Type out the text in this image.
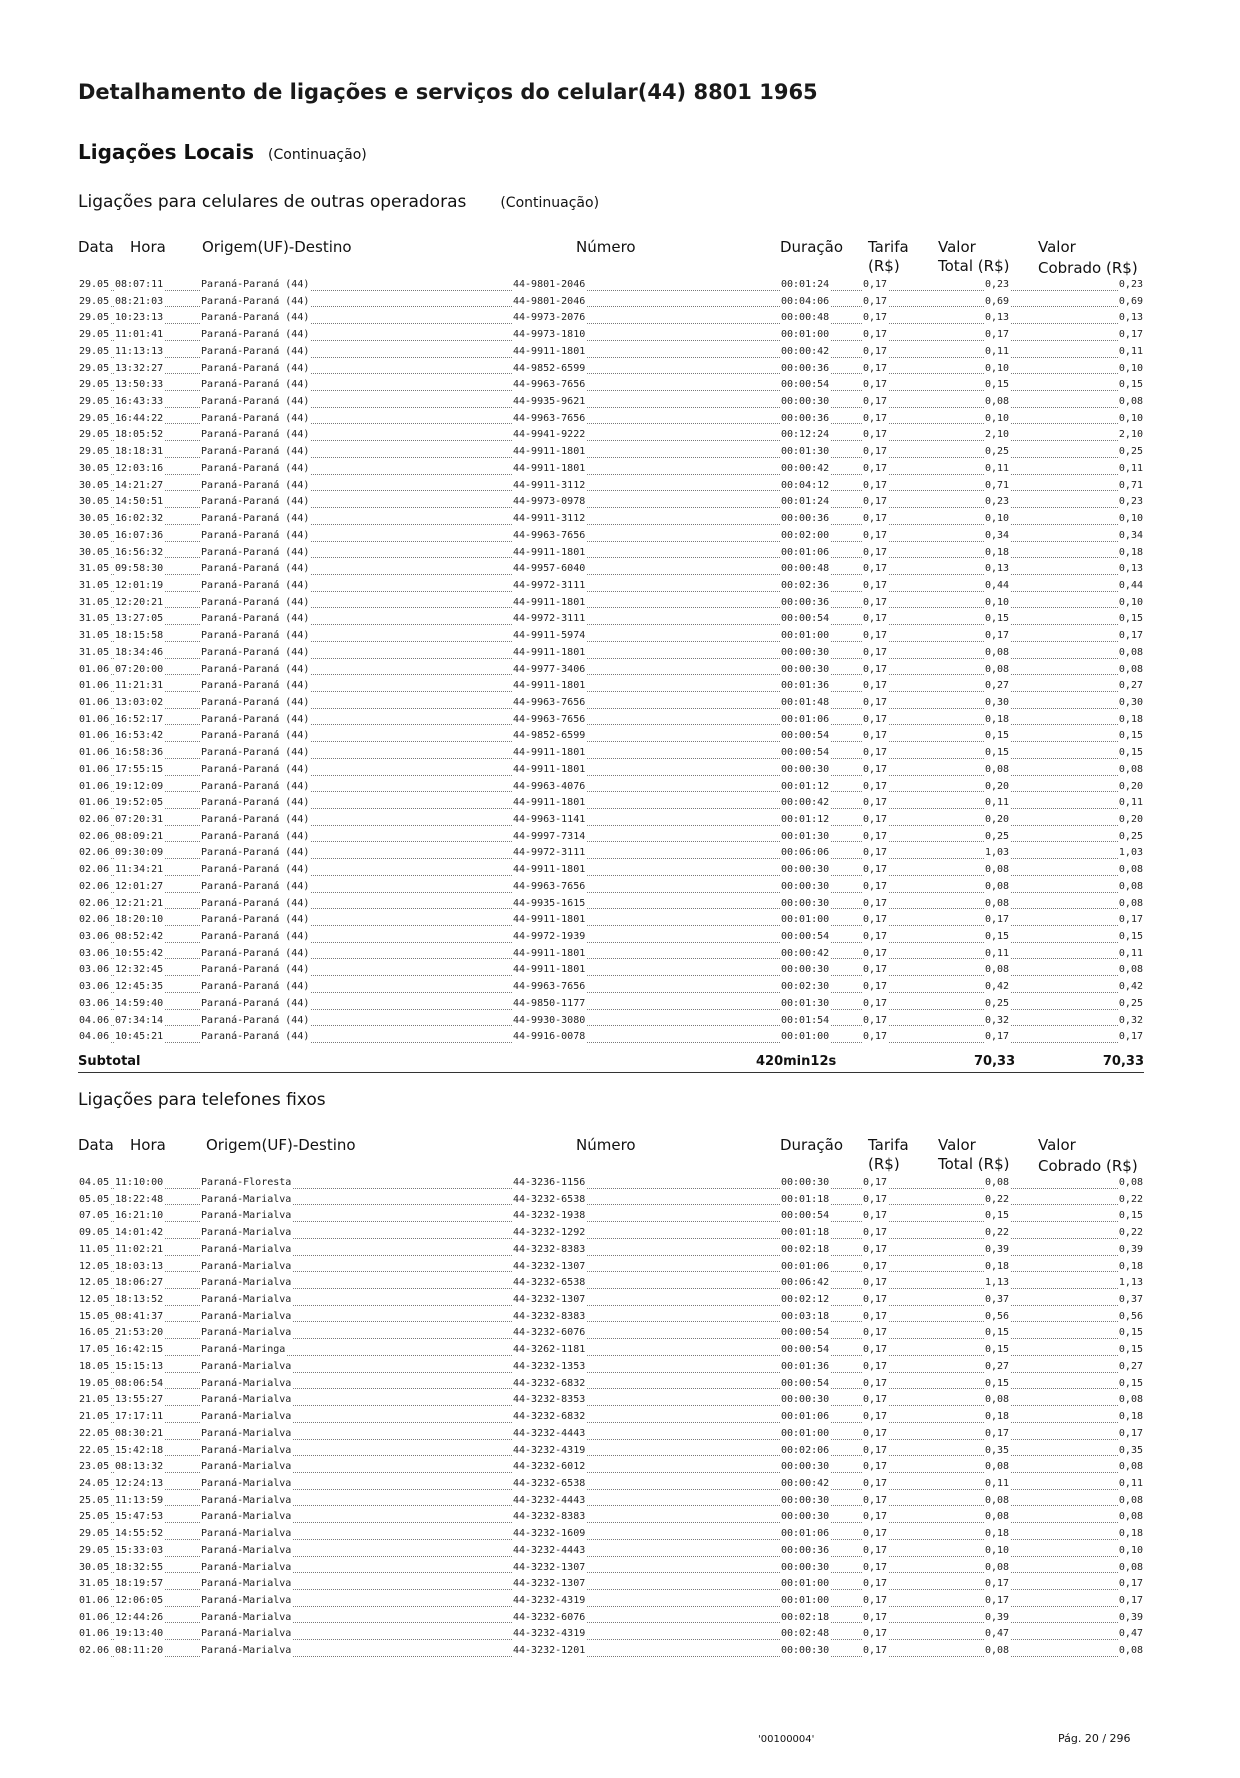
Detalhamento de ligações e serviços do celular(44) 8801 1965
Ligações Locais (Continuação)
Ligações para celulares de outras operadoras (Continuação)
Data Hora Origem(UF)-Destino	Número	Duração Tarifa
(R$)
Valor
Total (R$)
Valor
Cobrado (R$)
29.05 08:07:11	Paraná-Paraná (44)	44-9801-2046	00:01:24	0,17	0,23	0,23
29.05 08:21:03	Paraná-Paraná (44)	44-9801-2046	00:04:06	0,17	0,69	0,69
29.05 10:23:13	Paraná-Paraná (44)	44-9973-2076	00:00:48	0,17	0,13	0,13
29.05 11:01:41	Paraná-Paraná (44)	44-9973-1810	00:01:00	0,17	0,17	0,17
29.05 11:13:13	Paraná-Paraná (44)	44-9911-1801	00:00:42	0,17	0,11	0,11
29.05 13:32:27	Paraná-Paraná (44)	44-9852-6599	00:00:36	0,17	0,10	0,10
29.05 13:50:33	Paraná-Paraná (44)	44-9963-7656	00:00:54	0,17	0,15	0,15
29.05 16:43:33	Paraná-Paraná (44)	44-9935-9621	00:00:30	0,17	0,08	0,08
29.05 16:44:22	Paraná-Paraná (44)	44-9963-7656	00:00:36	0,17	0,10	0,10
29.05 18:05:52	Paraná-Paraná (44)	44-9941-9222	00:12:24	0,17	2,10	2,10
29.05 18:18:31	Paraná-Paraná (44)	44-9911-1801	00:01:30	0,17	0,25	0,25
30.05 12:03:16	Paraná-Paraná (44)	44-9911-1801	00:00:42	0,17	0,11	0,11
30.05 14:21:27	Paraná-Paraná (44)	44-9911-3112	00:04:12	0,17	0,71	0,71
30.05 14:50:51	Paraná-Paraná (44)	44-9973-0978	00:01:24	0,17	0,23	0,23
30.05 16:02:32	Paraná-Paraná (44)	44-9911-3112	00:00:36	0,17	0,10	0,10
30.05 16:07:36	Paraná-Paraná (44)	44-9963-7656	00:02:00	0,17	0,34	0,34
30.05 16:56:32	Paraná-Paraná (44)	44-9911-1801	00:01:06	0,17	0,18	0,18
31.05 09:58:30	Paraná-Paraná (44)	44-9957-6040	00:00:48	0,17	0,13	0,13
31.05 12:01:19	Paraná-Paraná (44)	44-9972-3111	00:02:36	0,17	0,44	0,44
31.05 12:20:21	Paraná-Paraná (44)	44-9911-1801	00:00:36	0,17	0,10	0,10
31.05 13:27:05	Paraná-Paraná (44)	44-9972-3111	00:00:54	0,17	0,15	0,15
31.05 18:15:58	Paraná-Paraná (44)	44-9911-5974	00:01:00	0,17	0,17	0,17
31.05 18:34:46	Paraná-Paraná (44)	44-9911-1801	00:00:30	0,17	0,08	0,08
01.06 07:20:00	Paraná-Paraná (44)	44-9977-3406	00:00:30	0,17	0,08	0,08
01.06 11:21:31	Paraná-Paraná (44)	44-9911-1801	00:01:36	0,17	0,27	0,27
01.06 13:03:02	Paraná-Paraná (44)	44-9963-7656	00:01:48	0,17	0,30	0,30
01.06 16:52:17	Paraná-Paraná (44)	44-9963-7656	00:01:06	0,17	0,18	0,18
01.06 16:53:42	Paraná-Paraná (44)	44-9852-6599	00:00:54	0,17	0,15	0,15
01.06 16:58:36	Paraná-Paraná (44)	44-9911-1801	00:00:54	0,17	0,15	0,15
01.06 17:55:15	Paraná-Paraná (44)	44-9911-1801	00:00:30	0,17	0,08	0,08
01.06 19:12:09	Paraná-Paraná (44)	44-9963-4076	00:01:12	0,17	0,20	0,20
01.06 19:52:05	Paraná-Paraná (44)	44-9911-1801	00:00:42	0,17	0,11	0,11
02.06 07:20:31	Paraná-Paraná (44)	44-9963-1141	00:01:12	0,17	0,20	0,20
02.06 08:09:21	Paraná-Paraná (44)	44-9997-7314	00:01:30	0,17	0,25	0,25
02.06 09:30:09	Paraná-Paraná (44)	44-9972-3111	00:06:06	0,17	1,03	1,03
02.06 11:34:21	Paraná-Paraná (44)	44-9911-1801	00:00:30	0,17	0,08	0,08
02.06 12:01:27	Paraná-Paraná (44)	44-9963-7656	00:00:30	0,17	0,08	0,08
02.06 12:21:21	Paraná-Paraná (44)	44-9935-1615	00:00:30	0,17	0,08	0,08
02.06 18:20:10	Paraná-Paraná (44)	44-9911-1801	00:01:00	0,17	0,17	0,17
03.06 08:52:42	Paraná-Paraná (44)	44-9972-1939	00:00:54	0,17	0,15	0,15
03.06 10:55:42	Paraná-Paraná (44)	44-9911-1801	00:00:42	0,17	0,11	0,11
03.06 12:32:45	Paraná-Paraná (44)	44-9911-1801	00:00:30	0,17	0,08	0,08
03.06 12:45:35	Paraná-Paraná (44)	44-9963-7656	00:02:30	0,17	0,42	0,42
03.06 14:59:40	Paraná-Paraná (44)	44-9850-1177	00:01:30	0,17	0,25	0,25
04.06 07:34:14	Paraná-Paraná (44)	44-9930-3080	00:01:54	0,17	0,32	0,32
04.06 10:45:21	Paraná-Paraná (44)	44-9916-0078	00:01:00	0,17	0,17	0,17
Subtotal	420min12s	70,33	70,33
Ligações para telefones fixos
Data Hora	Origem(UF)-Destino	Número	Duração Tarifa
(R$)
Valor
Total (R$)
Valor
Cobrado (R$)
04.05 11:10:00	Paraná-Floresta	44-3236-1156	00:00:30	0,17	0,08	0,08
05.05 18:22:48	Paraná-Marialva	44-3232-6538	00:01:18	0,17	0,22	0,22
07.05 16:21:10	Paraná-Marialva	44-3232-1938	00:00:54	0,17	0,15	0,15
09.05 14:01:42	Paraná-Marialva	44-3232-1292	00:01:18	0,17	0,22	0,22
11.05 11:02:21	Paraná-Marialva	44-3232-8383	00:02:18	0,17	0,39	0,39
12.05 18:03:13	Paraná-Marialva	44-3232-1307	00:01:06	0,17	0,18	0,18
12.05 18:06:27	Paraná-Marialva	44-3232-6538	00:06:42	0,17	1,13	1,13
12.05 18:13:52	Paraná-Marialva	44-3232-1307	00:02:12	0,17	0,37	0,37
15.05 08:41:37	Paraná-Marialva	44-3232-8383	00:03:18	0,17	0,56	0,56
16.05 21:53:20	Paraná-Marialva	44-3232-6076	00:00:54	0,17	0,15	0,15
17.05 16:42:15	Paraná-Maringa	44-3262-1181	00:00:54	0,17	0,15	0,15
18.05 15:15:13	Paraná-Marialva	44-3232-1353	00:01:36	0,17	0,27	0,27
19.05 08:06:54	Paraná-Marialva	44-3232-6832	00:00:54	0,17	0,15	0,15
21.05 13:55:27	Paraná-Marialva	44-3232-8353	00:00:30	0,17	0,08	0,08
21.05 17:17:11	Paraná-Marialva	44-3232-6832	00:01:06	0,17	0,18	0,18
22.05 08:30:21	Paraná-Marialva	44-3232-4443	00:01:00	0,17	0,17	0,17
22.05 15:42:18	Paraná-Marialva	44-3232-4319	00:02:06	0,17	0,35	0,35
23.05 08:13:32	Paraná-Marialva	44-3232-6012	00:00:30	0,17	0,08	0,08
24.05 12:24:13	Paraná-Marialva	44-3232-6538	00:00:42	0,17	0,11	0,11
25.05 11:13:59	Paraná-Marialva	44-3232-4443	00:00:30	0,17	0,08	0,08
25.05 15:47:53	Paraná-Marialva	44-3232-8383	00:00:30	0,17	0,08	0,08
29.05 14:55:52	Paraná-Marialva	44-3232-1609	00:01:06	0,17	0,18	0,18
29.05 15:33:03	Paraná-Marialva	44-3232-4443	00:00:36	0,17	0,10	0,10
30.05 18:32:55	Paraná-Marialva	44-3232-1307	00:00:30	0,17	0,08	0,08
31.05 18:19:57	Paraná-Marialva	44-3232-1307	00:01:00	0,17	0,17	0,17
01.06 12:06:05	Paraná-Marialva	44-3232-4319	00:01:00	0,17	0,17	0,17
01.06 12:44:26	Paraná-Marialva	44-3232-6076	00:02:18	0,17	0,39	0,39
01.06 19:13:40	Paraná-Marialva	44-3232-4319	00:02:48	0,17	0,47	0,47
02.06 08:11:20	Paraná-Marialva	44-3232-1201	00:00:30	0,17	0,08	0,08
'00100004'	Pág. 20 / 296
